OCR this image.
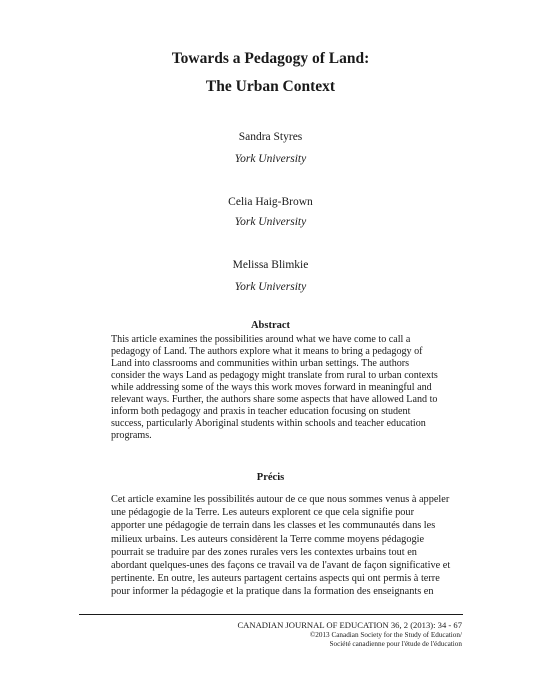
Towards a Pedagogy of Land:
The Urban Context
Sandra Styres
York University
Celia Haig-Brown
York University
Melissa Blimkie
York University
Abstract
This article examines the possibilities around what we have come to call a
pedagogy of Land. The authors explore what it means to bring a pedagogy of
Land into classrooms and communities within urban settings. The authors
consider the ways Land as pedagogy might translate from rural to urban contexts
while addressing some of the ways this work moves forward in meaningful and
relevant ways. Further, the authors share some aspects that have allowed Land to
inform both pedagogy and praxis in teacher education focusing on student
success, particularly Aboriginal students within schools and teacher education
programs.
Précis
Cet article examine les possibilités autour de ce que nous sommes venus à appeler
une pédagogie de la Terre. Les auteurs explorent ce que cela signifie pour
apporter une pédagogie de terrain dans les classes et les communautés dans les
milieux urbains. Les auteurs considèrent la Terre comme moyens pédagogie
pourrait se traduire par des zones rurales vers les contextes urbains tout en
abordant quelques-unes des façons ce travail va de l'avant de façon significative et
pertinente. En outre, les auteurs partagent certains aspects qui ont permis à terre
pour informer la pédagogie et la pratique dans la formation des enseignants en
CANADIAN JOURNAL OF EDUCATION 36, 2 (2013): 34 - 67
©2013 Canadian Society for the Study of Education/
Société canadienne pour l'étude de l'éducation
